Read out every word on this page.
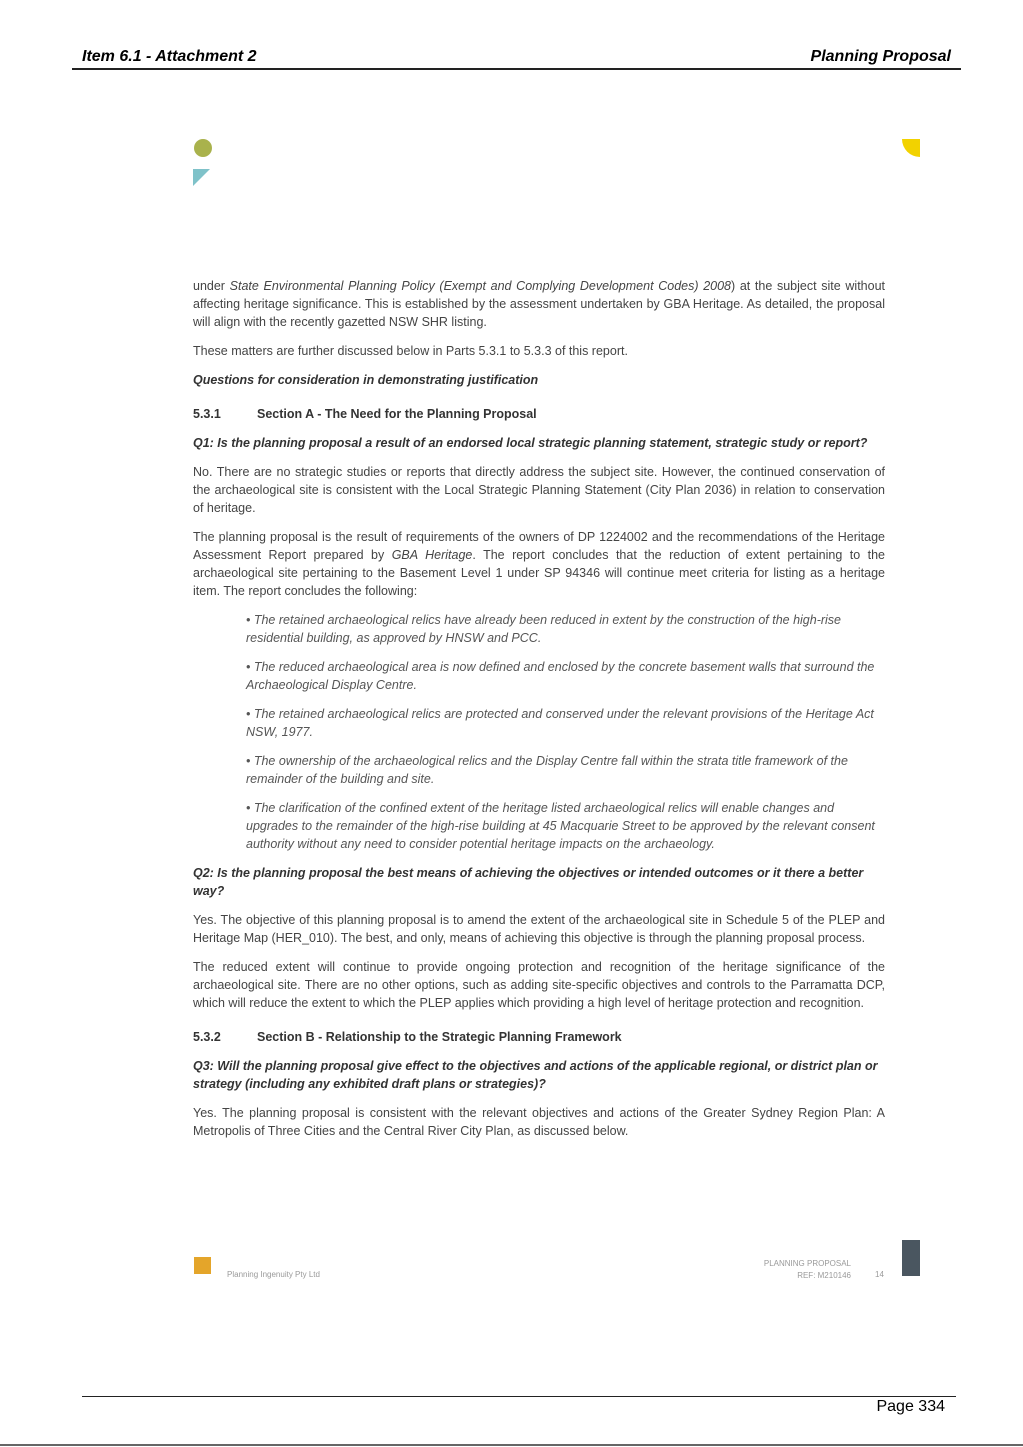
Item 6.1 - Attachment 2	Planning Proposal

under State Environmental Planning Policy (Exempt and Complying Development Codes) 2008) at the subject site without affecting heritage significance. This is established by the assessment undertaken by GBA Heritage. As detailed, the proposal will align with the recently gazetted NSW SHR listing.

These matters are further discussed below in Parts 5.3.1 to 5.3.3 of this report.

Questions for consideration in demonstrating justification
5.3.1	Section A - The Need for the Planning Proposal
Q1: Is the planning proposal a result of an endorsed local strategic planning statement, strategic study or report?

No. There are no strategic studies or reports that directly address the subject site. However, the continued conservation of the archaeological site is consistent with the Local Strategic Planning Statement (City Plan 2036) in relation to conservation of heritage.

The planning proposal is the result of requirements of the owners of DP 1224002 and the recommendations of the Heritage Assessment Report prepared by GBA Heritage. The report concludes that the reduction of extent pertaining to the archaeological site pertaining to the Basement Level 1 under SP 94346 will continue meet criteria for listing as a heritage item. The report concludes the following:

• The retained archaeological relics have already been reduced in extent by the construction of the high-rise residential building, as approved by HNSW and PCC.
• The reduced archaeological area is now defined and enclosed by the concrete basement walls that surround the Archaeological Display Centre.
• The retained archaeological relics are protected and conserved under the relevant provisions of the Heritage Act NSW, 1977.
• The ownership of the archaeological relics and the Display Centre fall within the strata title framework of the remainder of the building and site.
• The clarification of the confined extent of the heritage listed archaeological relics will enable changes and upgrades to the remainder of the high-rise building at 45 Macquarie Street to be approved by the relevant consent authority without any need to consider potential heritage impacts on the archaeology.
Q2: Is the planning proposal the best means of achieving the objectives or intended outcomes or it there a better way?

Yes. The objective of this planning proposal is to amend the extent of the archaeological site in Schedule 5 of the PLEP and Heritage Map (HER_010). The best, and only, means of achieving this objective is through the planning proposal process.

The reduced extent will continue to provide ongoing protection and recognition of the heritage significance of the archaeological site. There are no other options, such as adding site-specific objectives and controls to the Parramatta DCP, which will reduce the extent to which the PLEP applies which providing a high level of heritage protection and recognition.

5.3.2	Section B - Relationship to the Strategic Planning Framework
Q3: Will the planning proposal give effect to the objectives and actions of the applicable regional, or district plan or strategy (including any exhibited draft plans or strategies)?

Yes. The planning proposal is consistent with the relevant objectives and actions of the Greater Sydney Region Plan: A Metropolis of Three Cities and the Central River City Plan, as discussed below.

Planning Ingenuity Pty Ltd
PLANNING PROPOSAL
REF: M210146	14
Page 334
